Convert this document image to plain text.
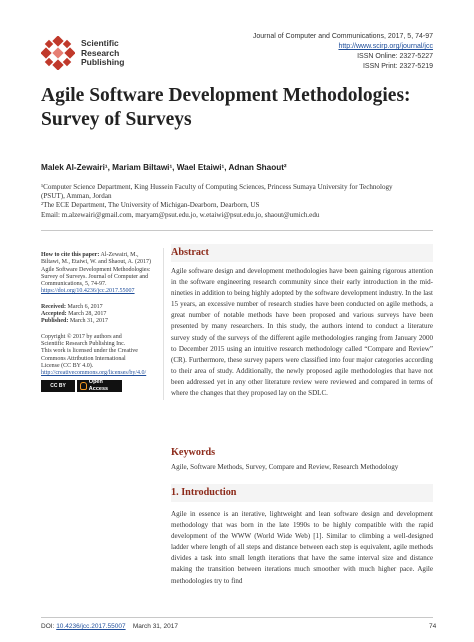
Scientific
Research
Publishing
Journal of Computer and Communications, 2017, 5, 74-97
http://www.scirp.org/journal/jcc
ISSN Online: 2327-5227
ISSN Print: 2327-5219
Agile Software Development Methodologies:
Survey of Surveys
Malek Al-Zewairi¹, Mariam Biltawi¹, Wael Etaiwi¹, Adnan Shaout²
¹Computer Science Department, King Hussein Faculty of Computing Sciences, Princess Sumaya University for Technology
(PSUT), Amman, Jordan
²The ECE Department, The University of Michigan-Dearborn, Dearborn, US
Email: m.alzewairi@gmail.com, maryam@psut.edu.jo, w.etaiwi@psut.edu.jo, shaout@umich.edu
How to cite this paper: Al-Zewairi, M., Biltawi, M., Etaiwi, W. and Shaout, A. (2017) Agile Software Development Methodologies: Survey of Surveys. Journal of Computer and Communications, 5, 74-97. https://doi.org/10.4236/jcc.2017.55007
Received: March 6, 2017
Accepted: March 28, 2017
Published: March 31, 2017
Copyright © 2017 by authors and
Scientific Research Publishing Inc.
This work is licensed under the Creative
Commons Attribution International
License (CC BY 4.0).
http://creativecommons.org/licenses/by/4.0/
CC BY
Open Access
Abstract
Agile software design and development methodologies have been gaining rigorous attention in the software engineering research community since their early introduction in the mid-nineties in addition to being highly adopted by the software development industry. In the last 15 years, an excessive number of research studies have been conducted on agile methods, a great number of notable methods have been proposed and various surveys have been presented by many researchers. In this study, the authors intend to conduct a literature survey study of the surveys of the different agile methodologies ranging from January 2000 to December 2015 using an intuitive research methodology called “Compare and Review” (CR). Furthermore, these survey papers were classified into four major categories according to their area of study. Additionally, the newly proposed agile methodologies that have not been addressed yet in any other literature review were reviewed and compared in terms of where the changes that they proposed lay on the SDLC.
Keywords
Agile, Software Methods, Survey, Compare and Review, Research Methodology
1. Introduction
Agile in essence is an iterative, lightweight and lean software design and development methodology that was born in the late 1990s to be highly compatible with the rapid development of the WWW (World Wide Web) [1]. Similar to climbing a well-designed ladder where length of all steps and distance between each step is equivalent, agile methods divides a task into small length iterations that have the same interval size and distance making the transition between iterations much smoother with much higher pace. Agile methodologies try to find
DOI: 10.4236/jcc.2017.55007 March 31, 2017	74
